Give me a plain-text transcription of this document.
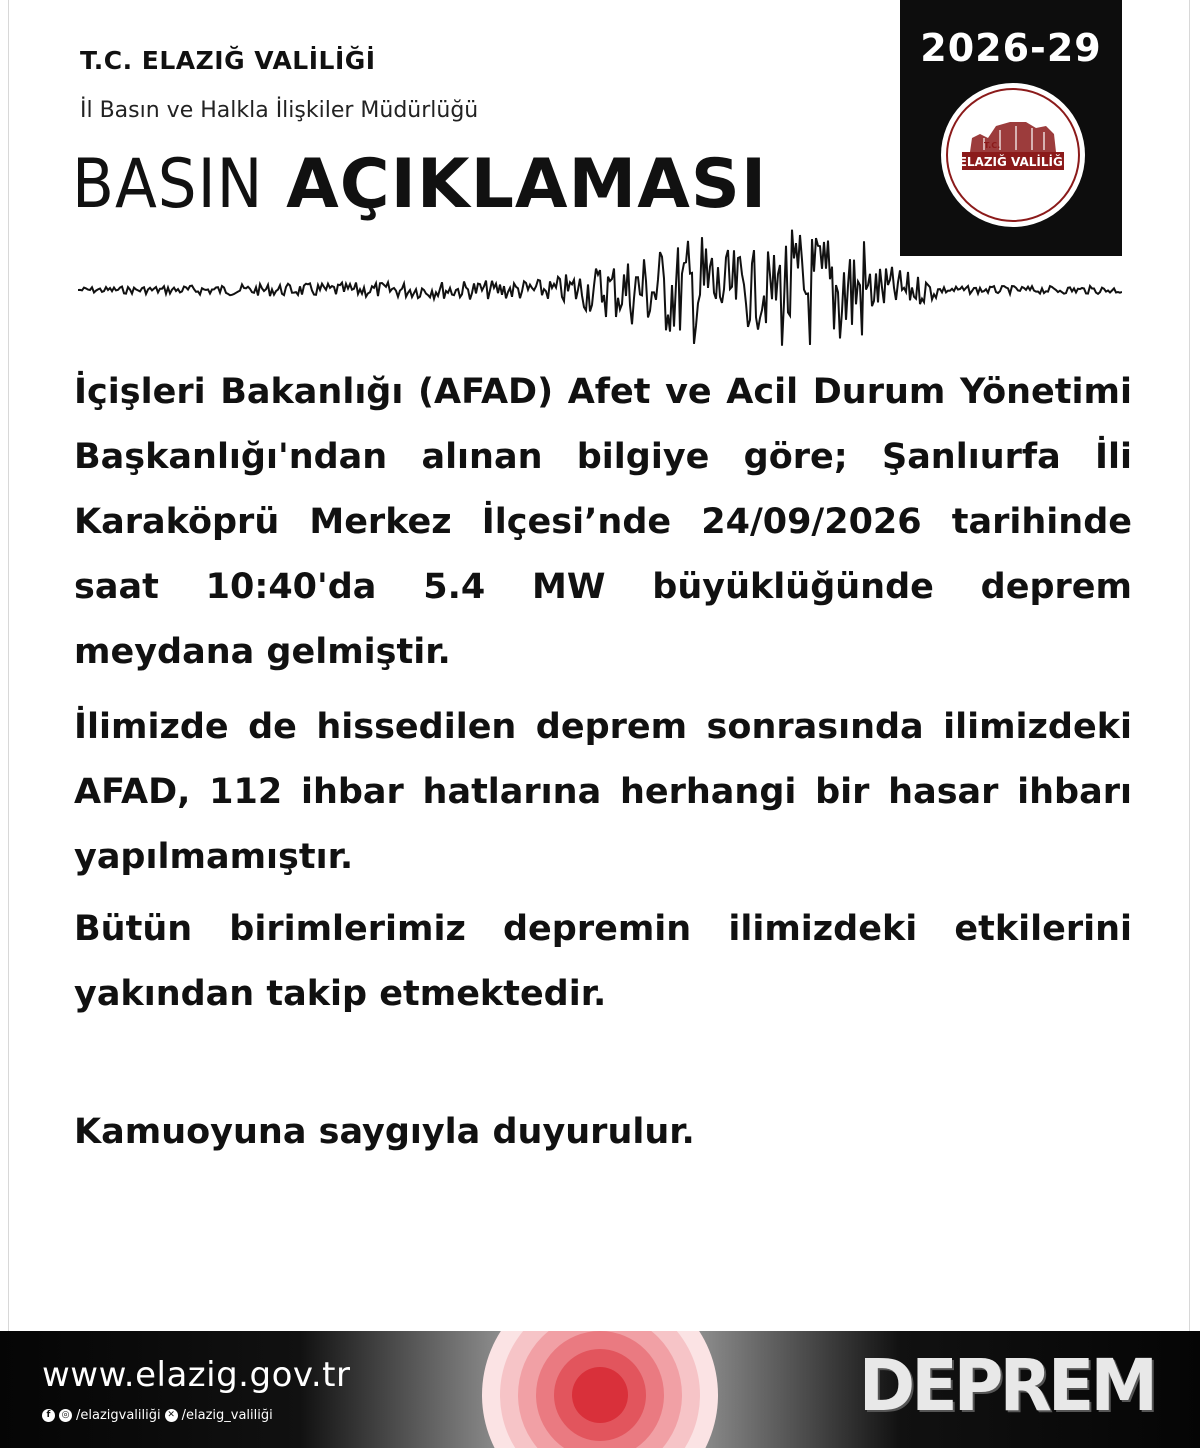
T.C. ELAZIĞ VALİLİĞİ
İl Basın ve Halkla İlişkiler Müdürlüğü
BASIN AÇIKLAMASI
2026-29
T.C.
ELAZIĞ VALİLİĞİ

İçişleri Bakanlığı (AFAD) Afet ve Acil Durum Yönetimi Başkanlığı'ndan alınan bilgiye göre; Şanlıurfa İli Karaköprü Merkez İlçesi’nde 24/09/2026 tarihinde saat 10:40'da 5.4 MW büyüklüğünde deprem meydana gelmiştir.

İlimizde de hissedilen deprem sonrasında ilimizdeki AFAD, 112 ihbar hatlarına herhangi bir hasar ihbarı yapılmamıştır.

Bütün birimlerimiz depremin ilimizdeki etkilerini yakından takip etmektedir.

Kamuoyuna saygıyla duyurulur.

www.elazig.gov.tr
f	◎ /elazigvaliliği ✕ /elazig_valiliği	DEPREM
